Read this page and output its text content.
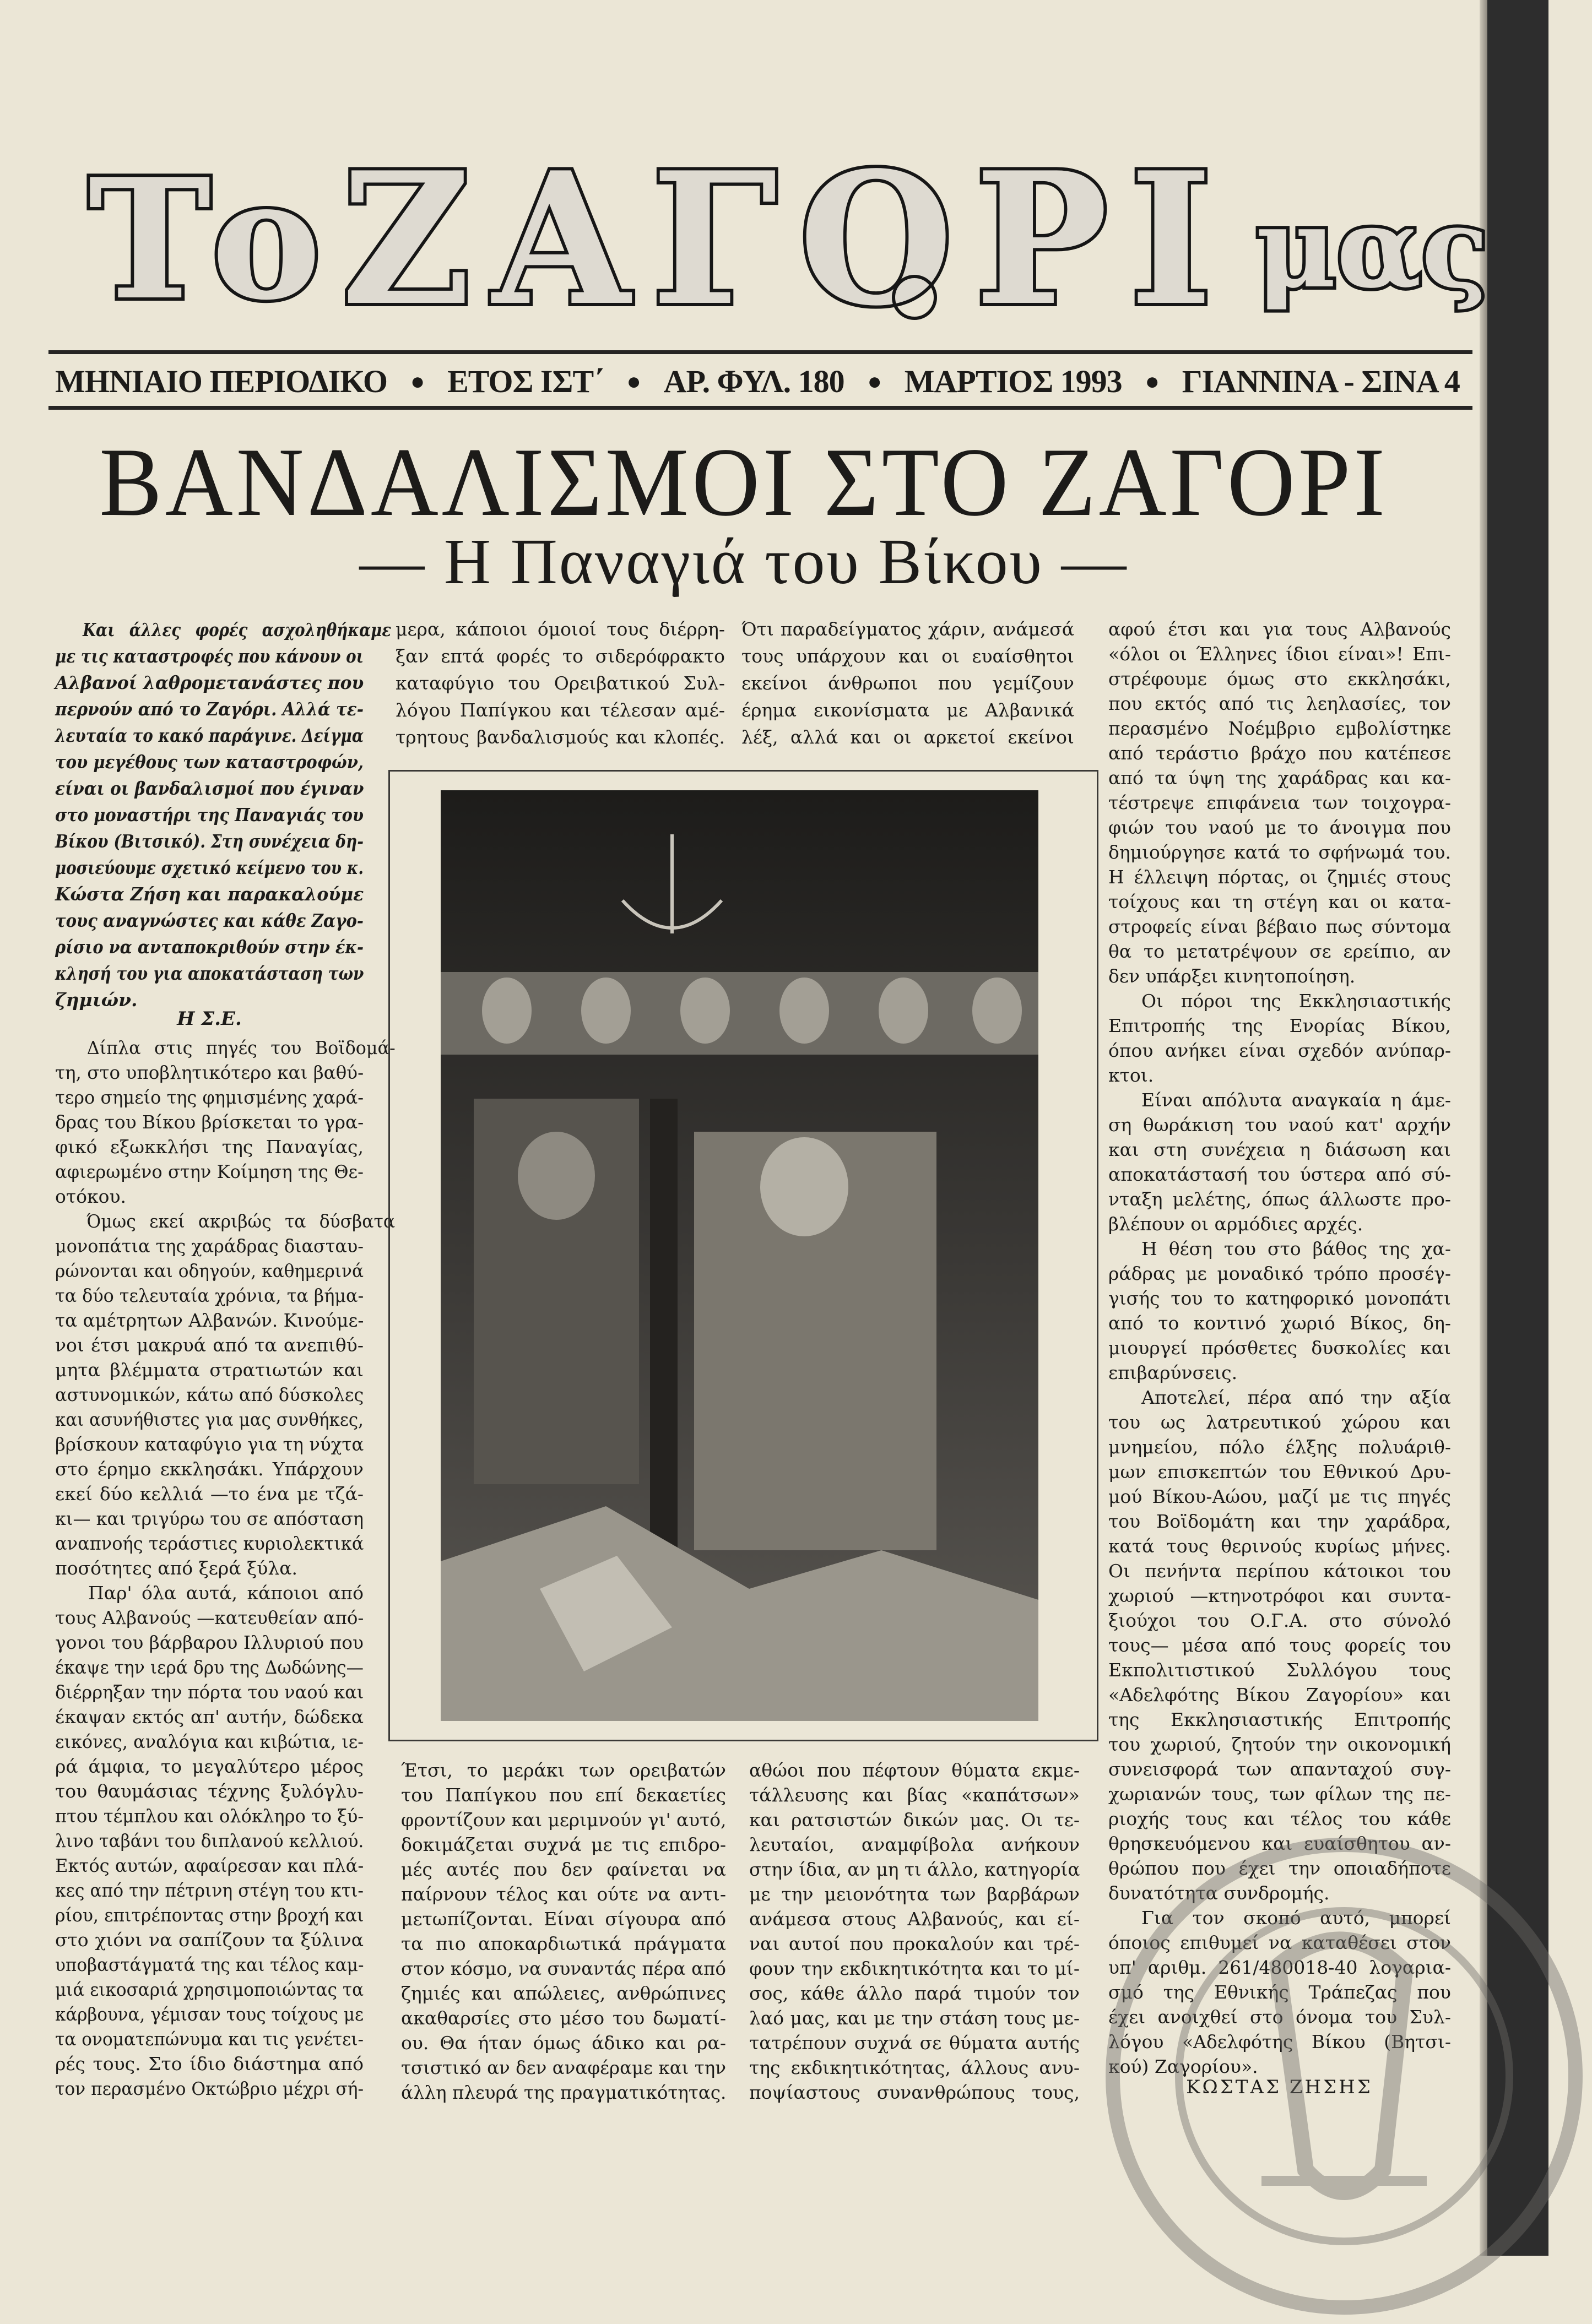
Το ΖΑΓΟΡΙ μας
ΜΗΝΙΑΙΟ ΠΕΡΙΟΔΙΚΟ ● ΕΤΟΣ ΙΣΤ΄ ● ΑΡ. ΦΥΛ. 180 ● ΜΑΡΤΙΟΣ 1993 ● ΓΙΑΝΝΙΝΑ - ΣΙΝΑ 4
ΒΑΝΔΑΛΙΣΜΟΙ ΣΤΟ ΖΑΓΟΡΙ
— Η Παναγιά του Βίκου —
Και άλλες φορές ασχοληθήκαμε
με τις καταστροφές που κάνουν οι
Αλβανοί λαθρομετανάστες που
περνούν από το Ζαγόρι. Αλλά τε-
λευταία το κακό παράγινε. Δείγμα
του μεγέθους των καταστροφών,
είναι οι βανδαλισμοί που έγιναν
στο μοναστήρι της Παναγιάς του
Βίκου (Βιτσικό). Στη συνέχεια δη-
μοσιεύουμε σχετικό κείμενο του κ.
Κώστα Ζήση και παρακαλούμε
τους αναγνώστες και κάθε Ζαγο-
ρίσιο να ανταποκριθούν στην έκ-
κλησή του για αποκατάσταση των
ζημιών.
Η Σ.Ε.
Δίπλα στις πηγές του Βοϊδομά-
τη, στο υποβλητικότερο και βαθύ-
τερο σημείο της φημισμένης χαρά-
δρας του Βίκου βρίσκεται το γρα-
φικό εξωκκλήσι της Παναγίας,
αφιερωμένο στην Κοίμηση της Θε-
οτόκου.
Όμως εκεί ακριβώς τα δύσβατα
μονοπάτια της χαράδρας διασταυ-
ρώνονται και οδηγούν, καθημερινά
τα δύο τελευταία χρόνια, τα βήμα-
τα αμέτρητων Αλβανών. Κινούμε-
νοι έτσι μακρυά από τα ανεπιθύ-
μητα βλέμματα στρατιωτών και
αστυνομικών, κάτω από δύσκολες
και ασυνήθιστες για μας συνθήκες,
βρίσκουν καταφύγιο για τη νύχτα
στο έρημο εκκλησάκι. Υπάρχουν
εκεί δύο κελλιά —το ένα με τζά-
κι— και τριγύρω του σε απόσταση
αναπνοής τεράστιες κυριολεκτικά
ποσότητες από ξερά ξύλα.
Παρ' όλα αυτά, κάποιοι από
τους Αλβανούς —κατευθείαν από-
γονοι του βάρβαρου Ιλλυριού που
έκαψε την ιερά δρυ της Δωδώνης—
διέρρηξαν την πόρτα του ναού και
έκαψαν εκτός απ' αυτήν, δώδεκα
εικόνες, αναλόγια και κιβώτια, ιε-
ρά άμφια, το μεγαλύτερο μέρος
του θαυμάσιας τέχνης ξυλόγλυ-
πτου τέμπλου και ολόκληρο το ξύ-
λινο ταβάνι του διπλανού κελλιού.
Εκτός αυτών, αφαίρεσαν και πλά-
κες από την πέτρινη στέγη του κτι-
ρίου, επιτρέποντας στην βροχή και
στο χιόνι να σαπίζουν τα ξύλινα
υποβαστάγματά της και τέλος καμ-
μιά εικοσαριά χρησιμοποιώντας τα
κάρβουνα, γέμισαν τους τοίχους με
τα ονοματεπώνυμα και τις γενέτει-
ρές τους. Στο ίδιο διάστημα από
τον περασμένο Οκτώβριο μέχρι σή-
μερα, κάποιοι όμοιοί τους διέρρη-
ξαν επτά φορές το σιδερόφρακτο
καταφύγιο του Ορειβατικού Συλ-
λόγου Παπίγκου και τέλεσαν αμέ-
τρητους βανδαλισμούς και κλοπές.
Ότι παραδείγματος χάριν, ανάμεσά
τους υπάρχουν και οι ευαίσθητοι
εκείνοι άνθρωποι που γεμίζουν
έρημα εικονίσματα με Αλβανικά
λέξ, αλλά και οι αρκετοί εκείνοι
αφού έτσι και για τους Αλβανούς
«όλοι οι Έλληνες ίδιοι είναι»! Επι-
στρέφουμε όμως στο εκκλησάκι,
που εκτός από τις λεηλασίες, τον
περασμένο Νοέμβριο εμβολίστηκε
από τεράστιο βράχο που κατέπεσε
από τα ύψη της χαράδρας και κα-
τέστρεψε επιφάνεια των τοιχογρα-
φιών του ναού με το άνοιγμα που
δημιούργησε κατά το σφήνωμά του.
Η έλλειψη πόρτας, οι ζημιές στους
τοίχους και τη στέγη και οι κατα-
στροφείς είναι βέβαιο πως σύντομα
θα το μετατρέψουν σε ερείπιο, αν
δεν υπάρξει κινητοποίηση.
Οι πόροι της Εκκλησιαστικής
Επιτροπής της Ενορίας Βίκου,
όπου ανήκει είναι σχεδόν ανύπαρ-
κτοι.
Είναι απόλυτα αναγκαία η άμε-
ση θωράκιση του ναού κατ' αρχήν
και στη συνέχεια η διάσωση και
αποκατάστασή του ύστερα από σύ-
νταξη μελέτης, όπως άλλωστε προ-
βλέπουν οι αρμόδιες αρχές.
Η θέση του στο βάθος της χα-
ράδρας με μοναδικό τρόπο προσέγ-
γισής του το κατηφορικό μονοπάτι
από το κοντινό χωριό Βίκος, δη-
μιουργεί πρόσθετες δυσκολίες και
επιβαρύνσεις.
Αποτελεί, πέρα από την αξία
του ως λατρευτικού χώρου και
μνημείου, πόλο έλξης πολυάριθ-
μων επισκεπτών του Εθνικού Δρυ-
μού Βίκου-Αώου, μαζί με τις πηγές
του Βοϊδομάτη και την χαράδρα,
κατά τους θερινούς κυρίως μήνες.
Οι πενήντα περίπου κάτοικοι του
χωριού —κτηνοτρόφοι και συντα-
ξιούχοι του Ο.Γ.Α. στο σύνολό
τους— μέσα από τους φορείς του
Εκπολιτιστικού Συλλόγου τους
«Αδελφότης Βίκου Ζαγορίου» και
της Εκκλησιαστικής Επιτροπής
του χωριού, ζητούν την οικονομική
συνεισφορά των απανταχού συγ-
χωριανών τους, των φίλων της πε-
ριοχής τους και τέλος του κάθε
θρησκευόμενου και ευαίσθητου αν-
θρώπου που έχει την οποιαδήποτε
δυνατότητα συνδρομής.
Για τον σκοπό αυτό, μπορεί
όποιος επιθυμεί να καταθέσει στον
υπ' αριθμ. 261/480018-40 λογαρια-
σμό της Εθνικής Τράπεζας που
έχει ανοιχθεί στο όνομα του Συλ-
λόγου «Αδελφότης Βίκου (Βητσι-
κού) Ζαγορίου».
Έτσι, το μεράκι των ορειβατών
του Παπίγκου που επί δεκαετίες
φροντίζουν και μεριμνούν γι' αυτό,
δοκιμάζεται συχνά με τις επιδρο-
μές αυτές που δεν φαίνεται να
παίρνουν τέλος και ούτε να αντι-
μετωπίζονται. Είναι σίγουρα από
τα πιο αποκαρδιωτικά πράγματα
στον κόσμο, να συναντάς πέρα από
ζημιές και απώλειες, ανθρώπινες
ακαθαρσίες στο μέσο του δωματί-
ου. Θα ήταν όμως άδικο και ρα-
τσιστικό αν δεν αναφέραμε και την
άλλη πλευρά της πραγματικότητας.
αθώοι που πέφτουν θύματα εκμε-
τάλλευσης και βίας «καπάτσων»
και ρατσιστών δικών μας. Οι τε-
λευταίοι, αναμφίβολα ανήκουν
στην ίδια, αν μη τι άλλο, κατηγορία
με την μειονότητα των βαρβάρων
ανάμεσα στους Αλβανούς, και εί-
ναι αυτοί που προκαλούν και τρέ-
φουν την εκδικητικότητα και το μί-
σος, κάθε άλλο παρά τιμούν τον
λαό μας, και με την στάση τους με-
τατρέπουν συχνά σε θύματα αυτής
της εκδικητικότητας, άλλους ανυ-
ποψίαστους συνανθρώπους τους,	ΚΩΣΤΑΣ ΖΗΣΗΣ
